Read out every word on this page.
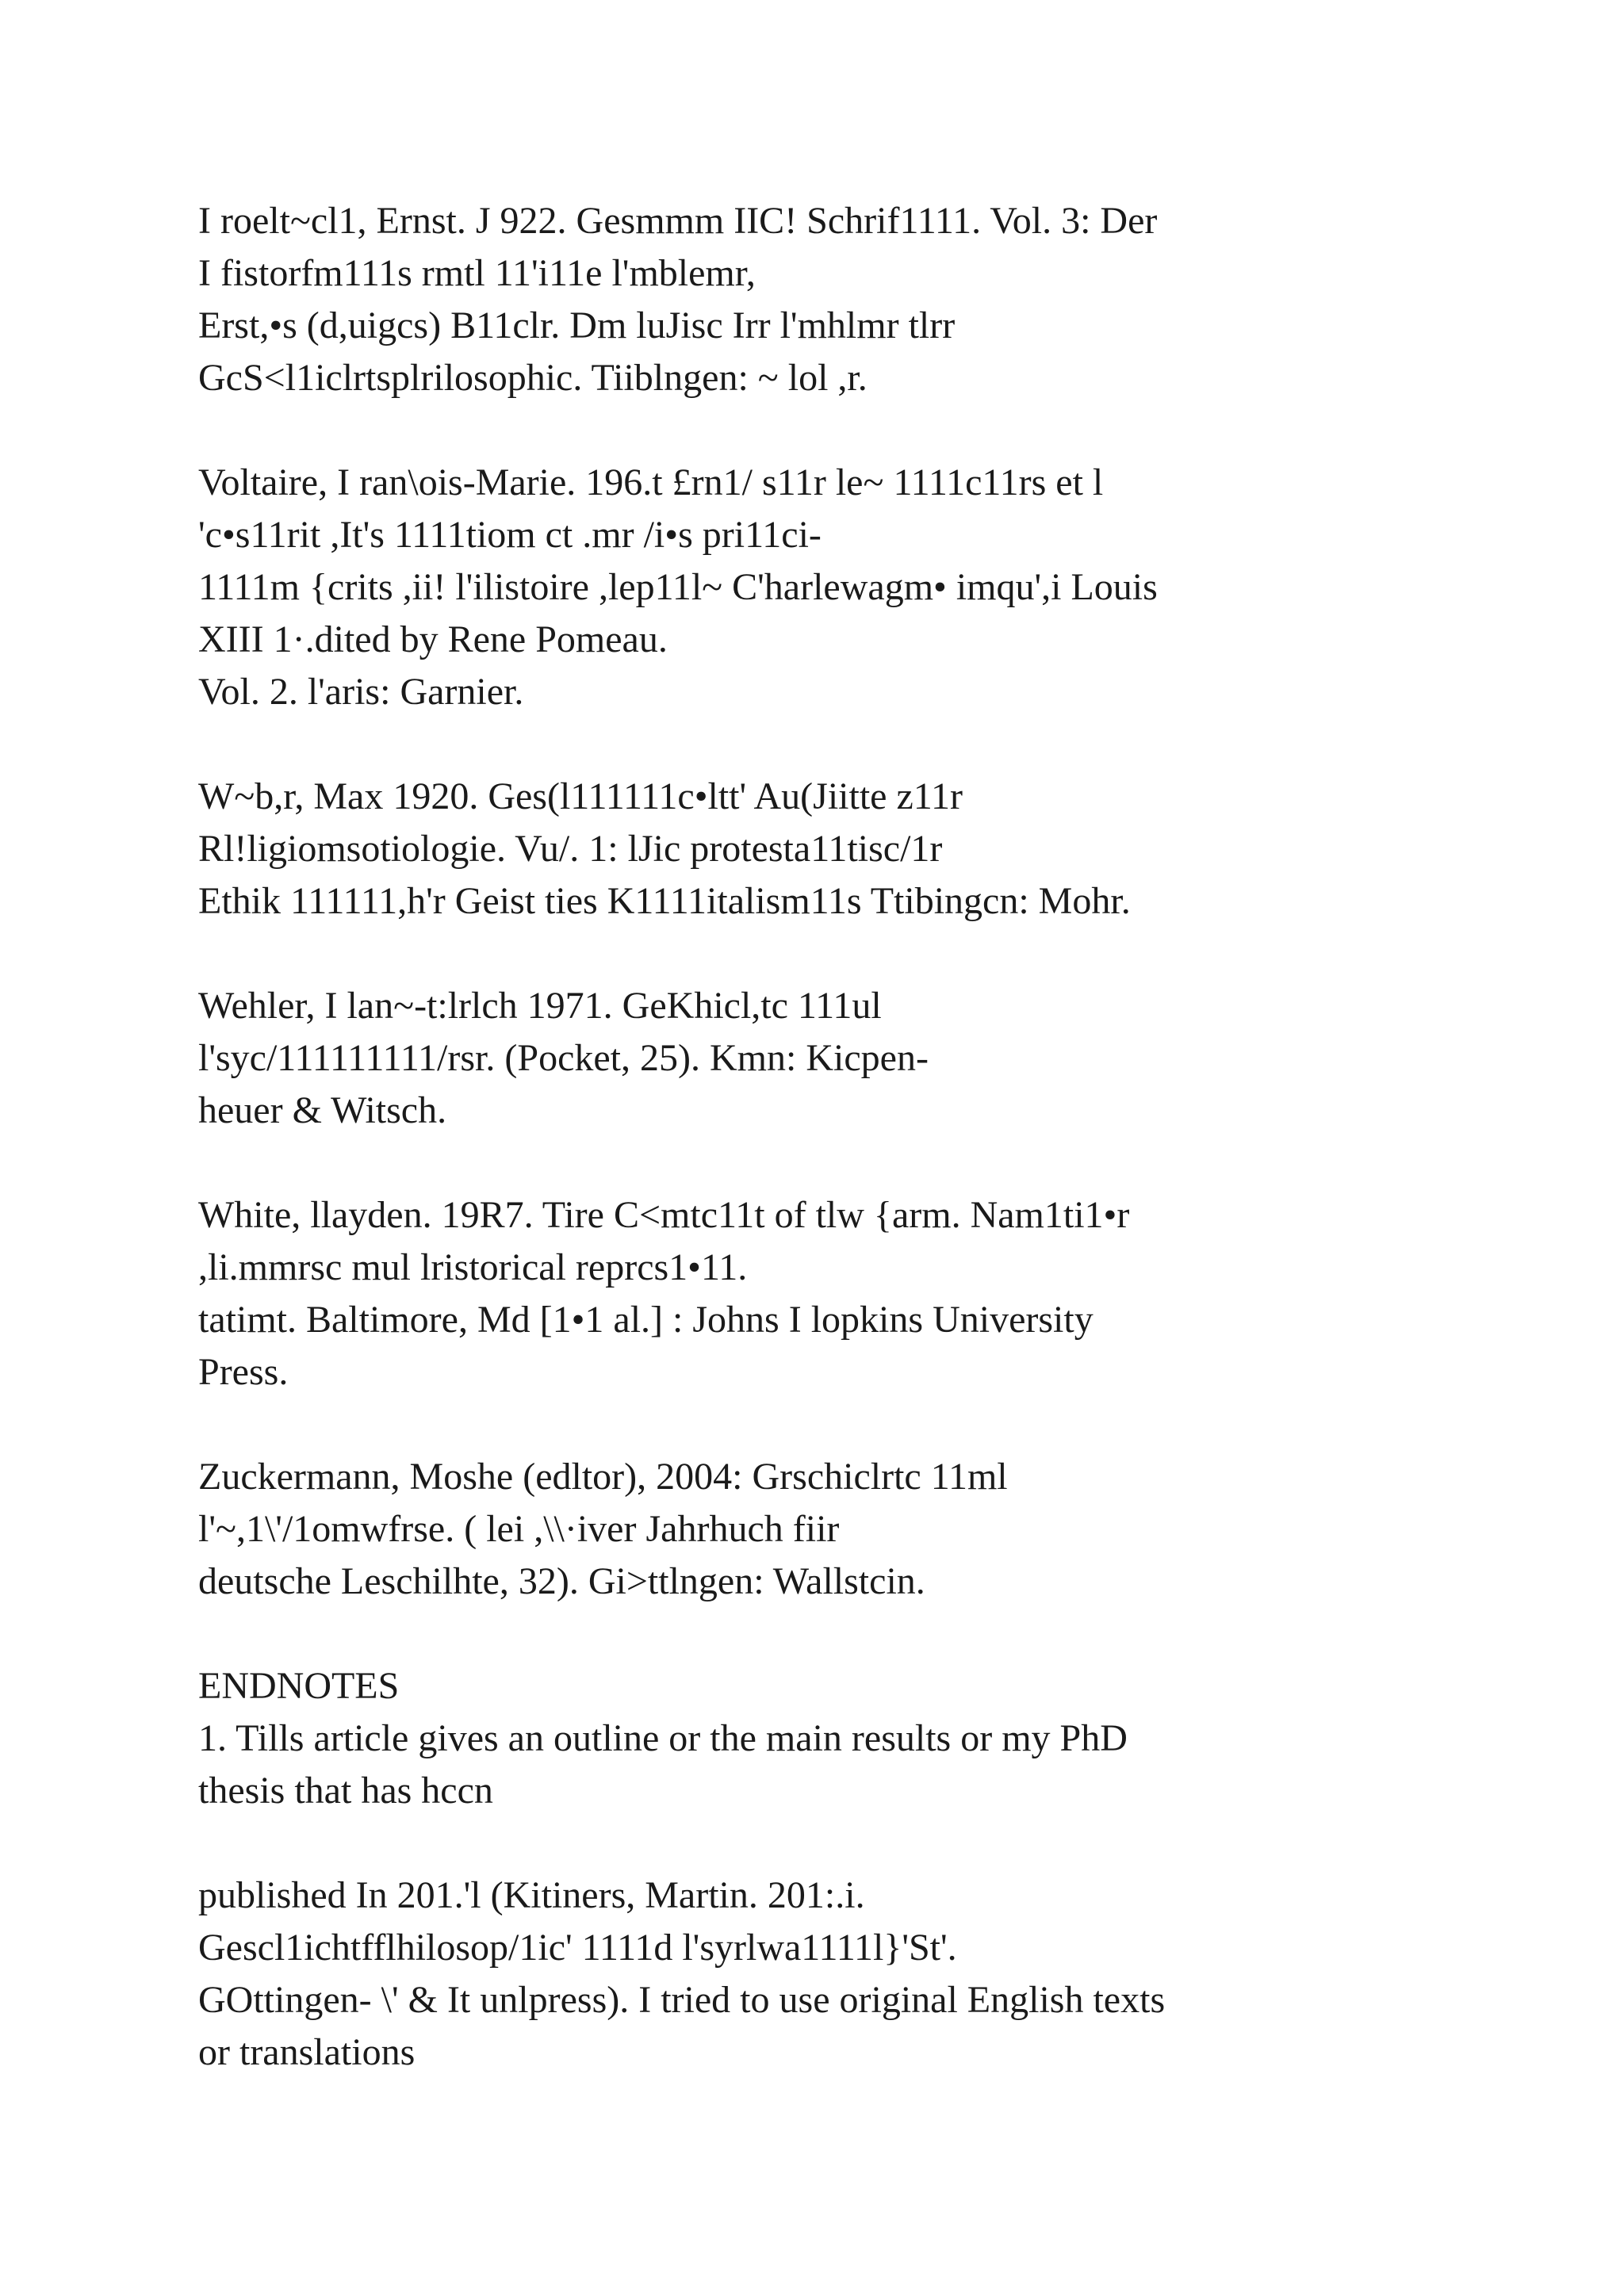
I roelt~cl1, Ernst. J 922. Gesmmm IIC! Schrif1111. Vol. 3: Der
I fistorfm111s rmtl 11'i11e l'mblemr,
Erst,•s (d,uigcs) B11clr. Dm luJisc Irr l'mhlmr tlrr
GcS<l1iclrtsplrilosophic. Tiiblngen: ~ lol ,r.
Voltaire, I ran\ois-Marie. 196.t £rn1/ s11r le~ 1111c11rs et l
'c•s11rit ,It's 1111tiom ct .mr /i•s pri11ci-
1111m {crits ,ii! l'ilistoire ,lep11l~ C'harlewagm• imqu',i Louis
XIII 1·.dited by Rene Pomeau.
Vol. 2. l'aris: Garnier.
W~b,r, Max 1920. Ges(l111111c•ltt' Au(Jiitte z11r
Rl!ligiomsotiologie. Vu/. 1: lJic protesta11tisc/1r
Ethik 111111,h'r Geist ties K1111italism11s Ttibingcn: Mohr.
Wehler, I lan~-t:lrlch 1971. GeKhicl,tc 111ul
l'syc/111111111/rsr. (Pocket, 25). Kmn: Kicpen-
heuer & Witsch.
White, llayden. 19R7. Tire C<mtc11t of tlw {arm. Nam1ti1•r
,li.mmrsc mul lristorical reprcs1•11.
tatimt. Baltimore, Md [1•1 al.] : Johns I lopkins University
Press.
Zuckermann, Moshe (edltor), 2004: Grschiclrtc 11ml
l'~,1\'/1omwfrse. ( lei ,\\·iver Jahrhuch fiir
deutsche Leschilhte, 32). Gi>ttlngen: Wallstcin.
ENDNOTES
1. Tills article gives an outline or the main results or my PhD
thesis that has hccn
published In 201.'l (Kitiners, Martin. 201:.i.
Gescl1ichtfflhilosop/1ic' 1111d l'syrlwa1111l}'St'.
GOttingen- \' & It unlpress). I tried to use original English texts
or translations
